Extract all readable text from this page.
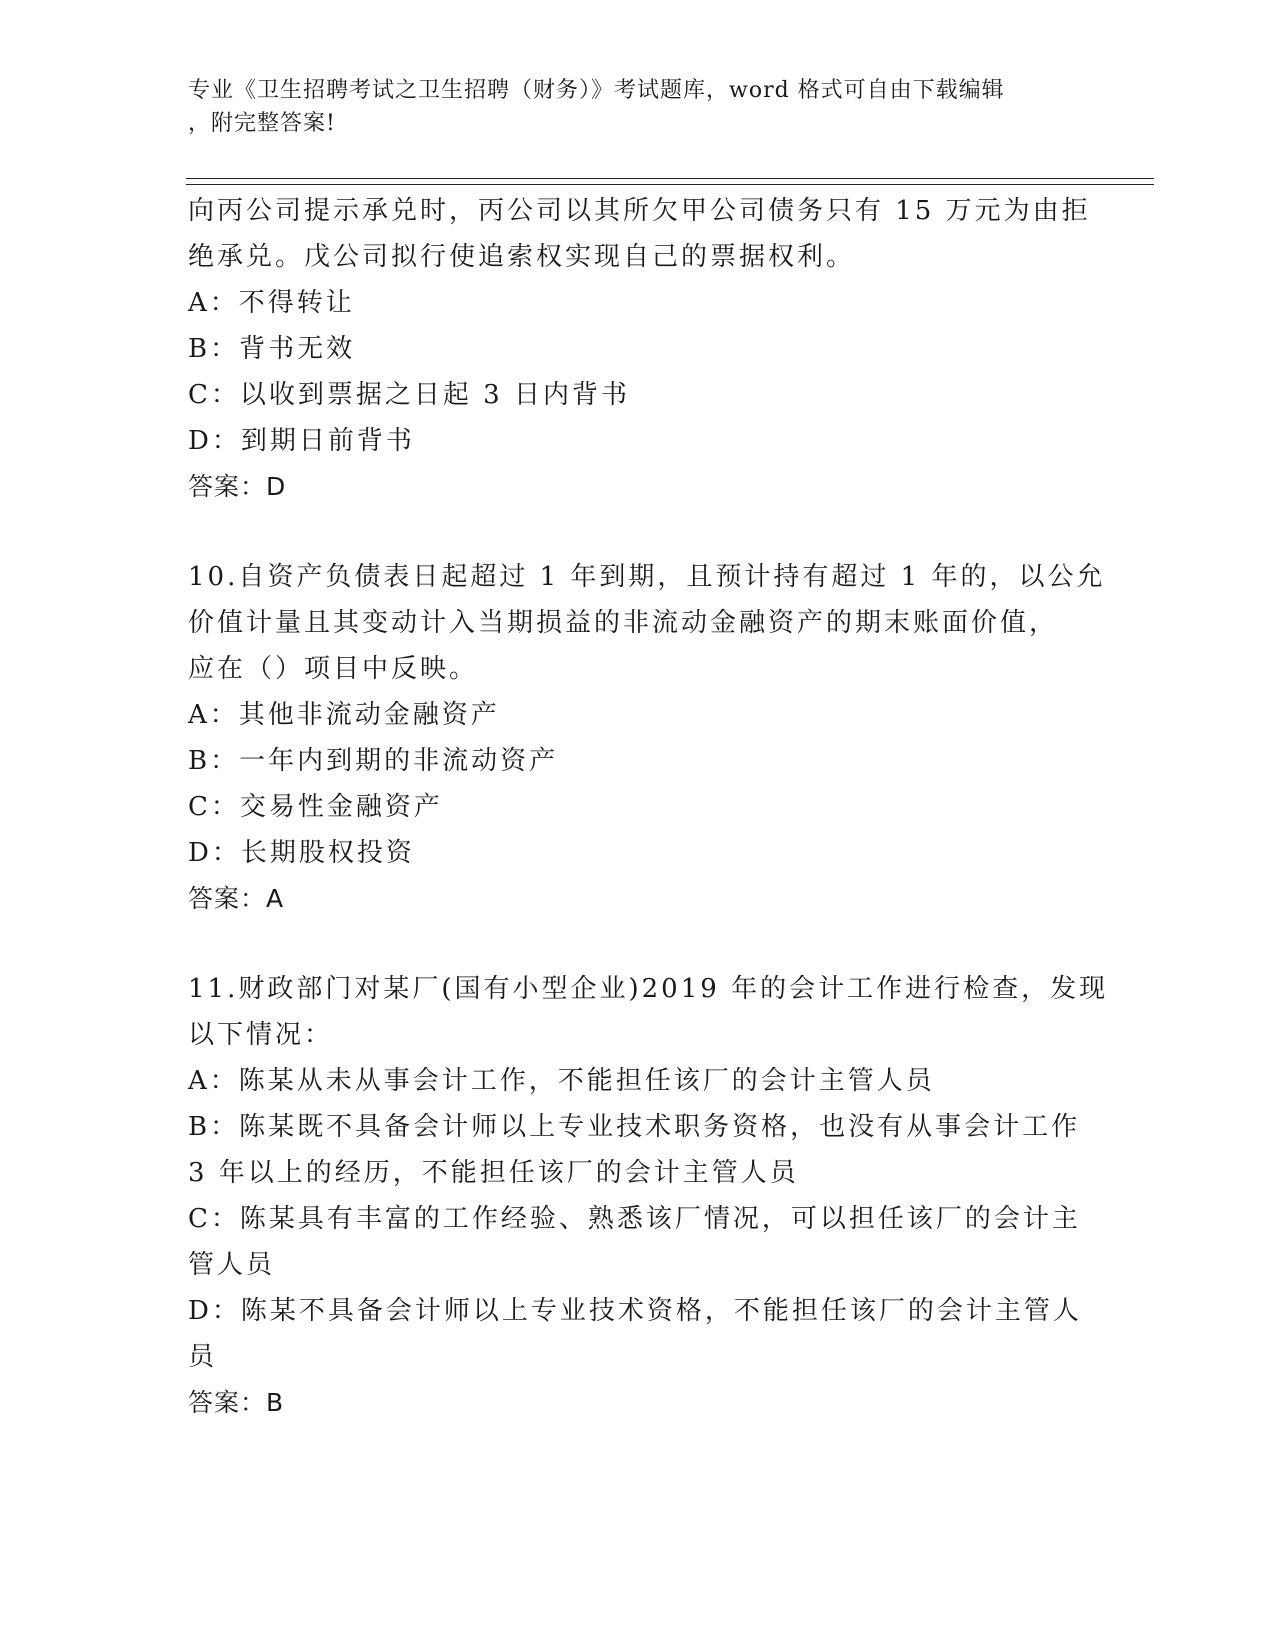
专业《卫生招聘考试之卫生招聘（财务）》考试题库，word 格式可自由下载编辑
，附完整答案!
向丙公司提示承兑时，丙公司以其所欠甲公司债务只有 15 万元为由拒
绝承兑。戊公司拟行使追索权实现自己的票据权利。
A：不得转让
B：背书无效
C：以收到票据之日起 3 日内背书
D：到期日前背书
答案：D
10.自资产负债表日起超过 1 年到期，且预计持有超过 1 年的，以公允
价值计量且其变动计入当期损益的非流动金融资产的期末账面价值，
应在（）项目中反映。
A：其他非流动金融资产
B：一年内到期的非流动资产
C：交易性金融资产
D：长期股权投资
答案：A
11.财政部门对某厂(国有小型企业)2019 年的会计工作进行检查，发现
以下情况：
A：陈某从未从事会计工作，不能担任该厂的会计主管人员
B：陈某既不具备会计师以上专业技术职务资格，也没有从事会计工作
3 年以上的经历，不能担任该厂的会计主管人员
C：陈某具有丰富的工作经验、熟悉该厂情况，可以担任该厂的会计主
管人员
D：陈某不具备会计师以上专业技术资格，不能担任该厂的会计主管人
员
答案：B
